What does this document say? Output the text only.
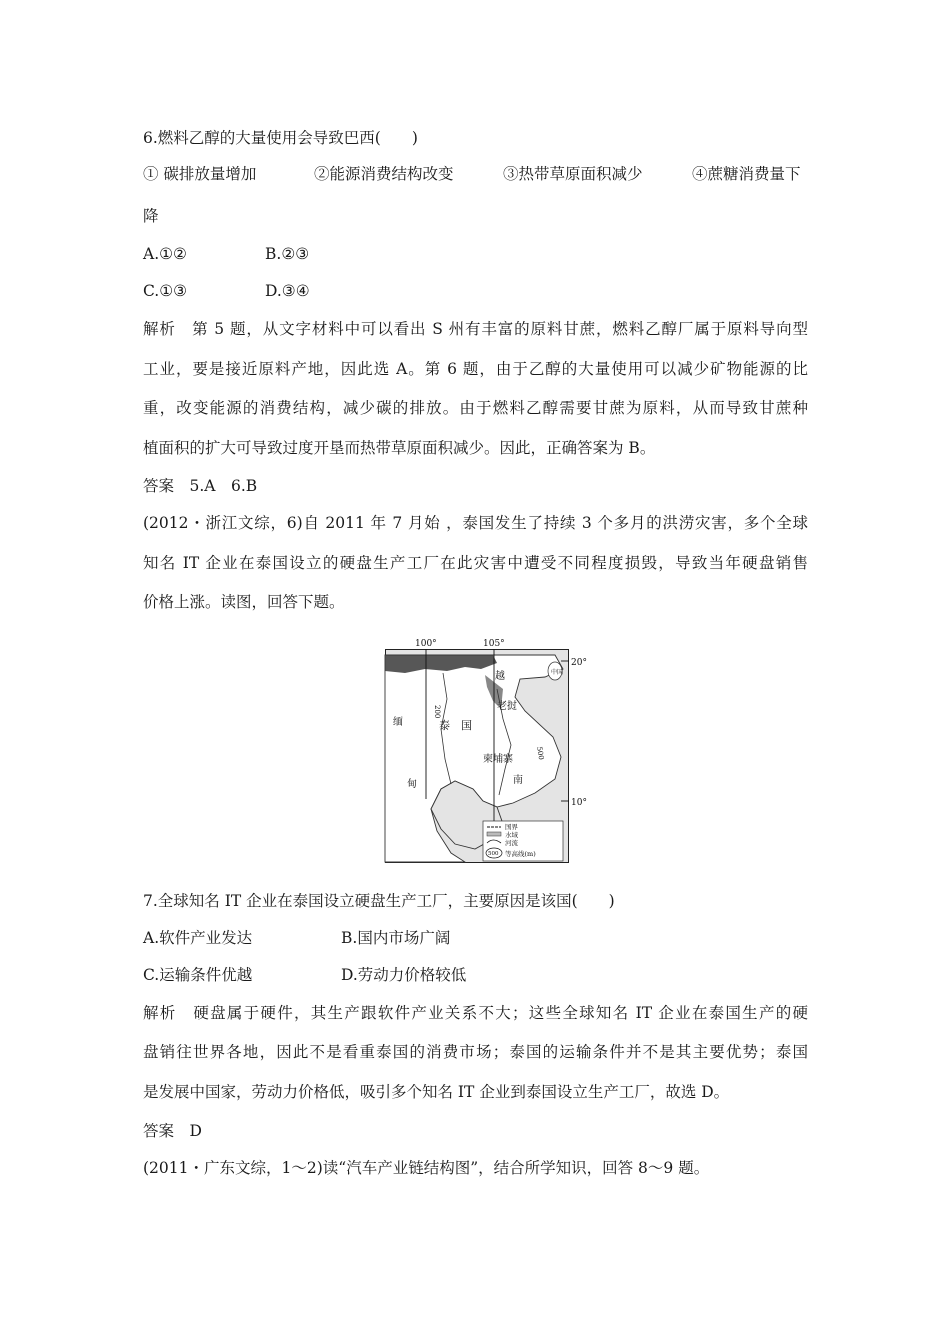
6.燃料乙醇的大量使用会导致巴西(　　)
① 碳排放量增加	②能源消费结构改变	③热带草原面积减少	④蔗糖消费量下
降
A.①②	B.②③
C.①③	D.③④
解析　第 5 题，从文字材料中可以看出 S 州有丰富的原料甘蔗，燃料乙醇厂属于原料导向型
工业，要是接近原料产地，因此选 A。第 6 题，由于乙醇的大量使用可以减少矿物能源的比
重，改变能源的消费结构，减少碳的排放。由于燃料乙醇需要甘蔗为原料，从而导致甘蔗种
植面积的扩大可导致过度开垦而热带草原面积减少。因此，正确答案为 B。
答案　5.A　6.B
(2012・浙江文综，6)自 2011 年 7 月始 ，泰国发生了持续 3 个多月的洪涝灾害，多个全球
知名 IT 企业在泰国设立的硬盘生产工厂在此灾害中遭受不同程度损毁，导致当年硬盘销售
价格上涨。读图，回答下题。
100°	105°
20°
10°
中国
越
缅
甸
泰　国
老挝
柬埔寨
南
200
500
500
国界
水域
河流
等高线(m)
7.全球知名 IT 企业在泰国设立硬盘生产工厂，主要原因是该国(　　)
A.软件产业发达	B.国内市场广阔
C.运输条件优越	D.劳动力价格较低
解析　硬盘属于硬件，其生产跟软件产业关系不大；这些全球知名 IT 企业在泰国生产的硬
盘销往世界各地，因此不是看重泰国的消费市场；泰国的运输条件并不是其主要优势；泰国
是发展中国家，劳动力价格低，吸引多个知名 IT 企业到泰国设立生产工厂，故选 D。
答案　D
(2011・广东文综，1～2)读“汽车产业链结构图”，结合所学知识，回答 8～9 题。
